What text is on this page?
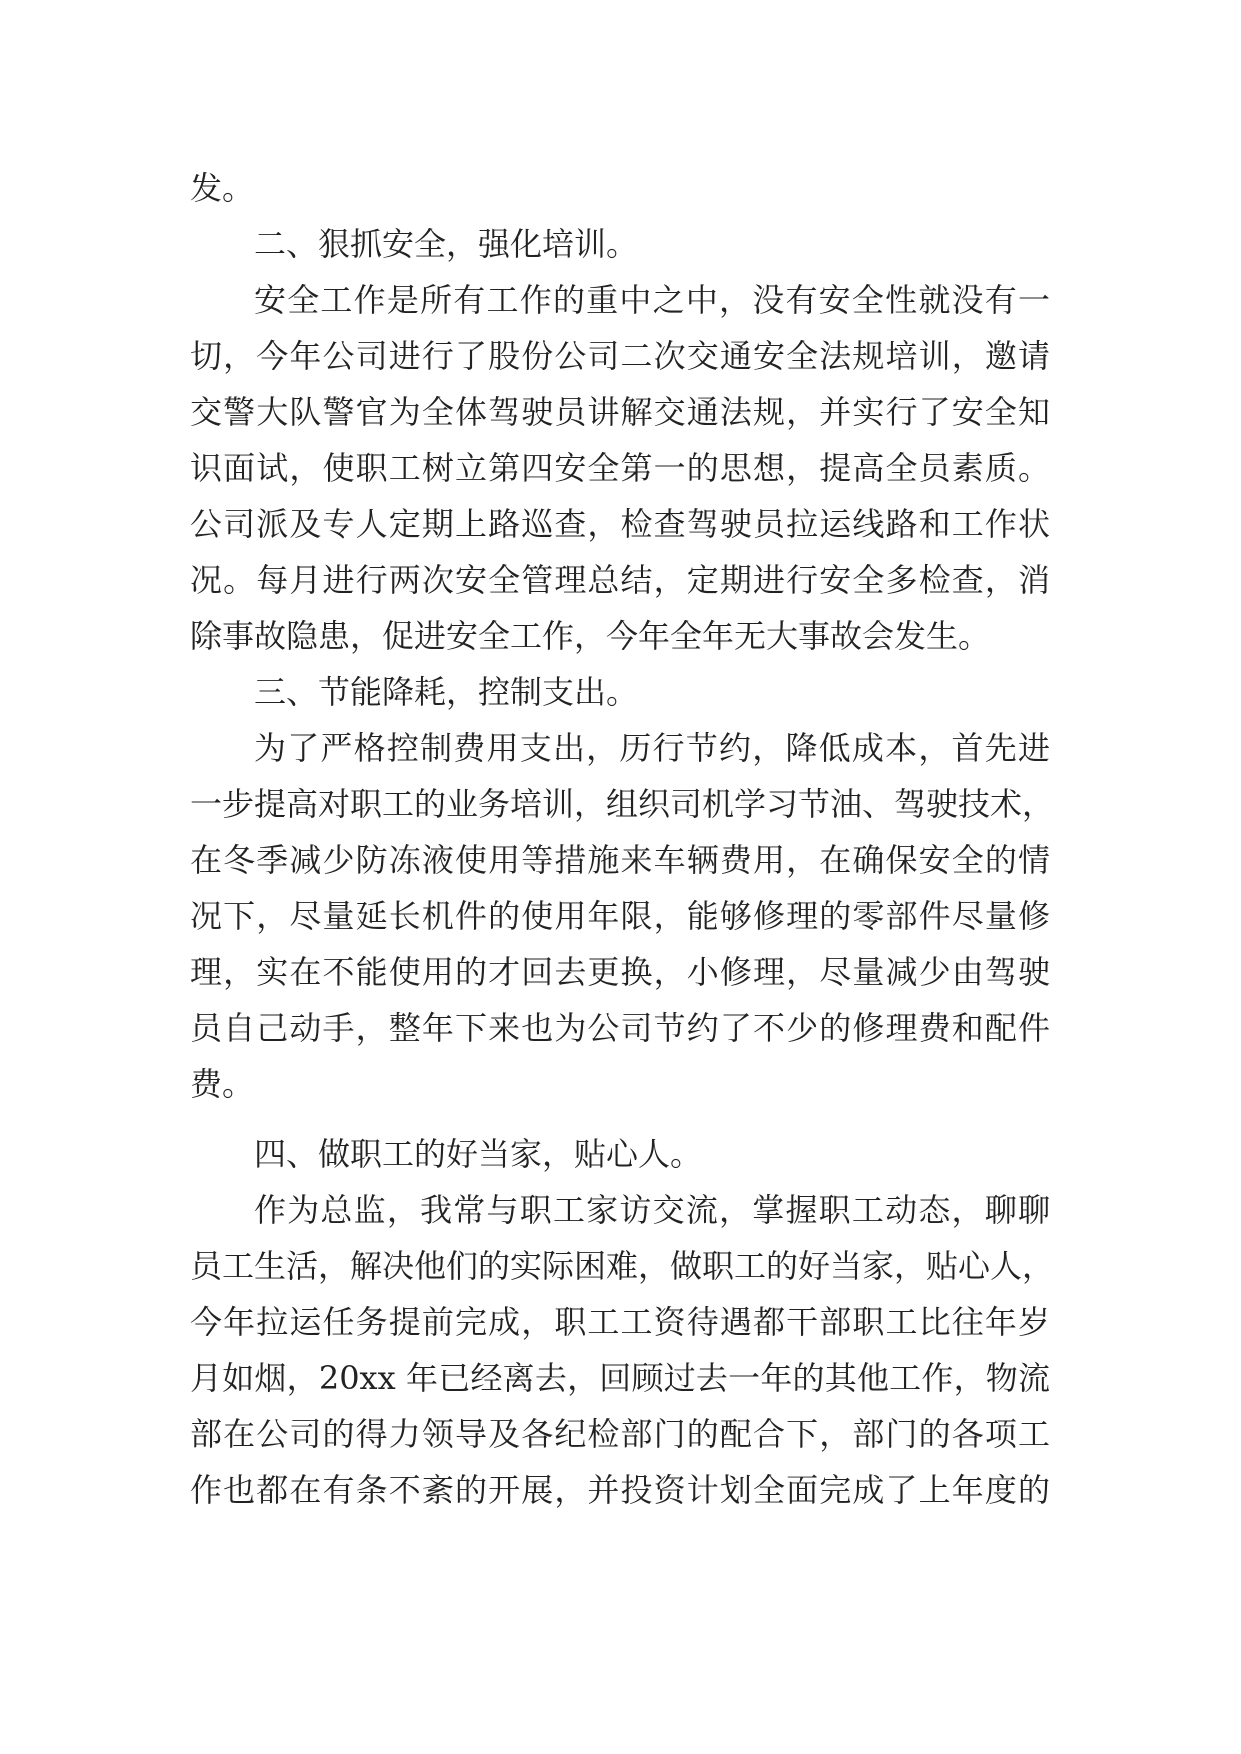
发。
二、狠抓安全，强化培训。
安全工作是所有工作的重中之中，没有安全性就没有一
切，今年公司进行了股份公司二次交通安全法规培训，邀请
交警大队警官为全体驾驶员讲解交通法规，并实行了安全知
识面试，使职工树立第四安全第一的思想，提高全员素质。
公司派及专人定期上路巡查，检查驾驶员拉运线路和工作状
况。每月进行两次安全管理总结，定期进行安全多检查，消
除事故隐患，促进安全工作，今年全年无大事故会发生。
三、节能降耗，控制支出。
为了严格控制费用支出，历行节约，降低成本，首先进
一步提高对职工的业务培训，组织司机学习节油、驾驶技术，
在冬季减少防冻液使用等措施来车辆费用，在确保安全的情
况下，尽量延长机件的使用年限，能够修理的零部件尽量修
理，实在不能使用的才回去更换，小修理，尽量减少由驾驶
员自己动手，整年下来也为公司节约了不少的修理费和配件
费。
四、做职工的好当家，贴心人。
作为总监，我常与职工家访交流，掌握职工动态，聊聊
员工生活，解决他们的实际困难，做职工的好当家，贴心人，
今年拉运任务提前完成，职工工资待遇都干部职工比往年岁
月如烟，20xx 年已经离去，回顾过去一年的其他工作，物流
部在公司的得力领导及各纪检部门的配合下，部门的各项工
作也都在有条不紊的开展，并投资计划全面完成了上年度的
